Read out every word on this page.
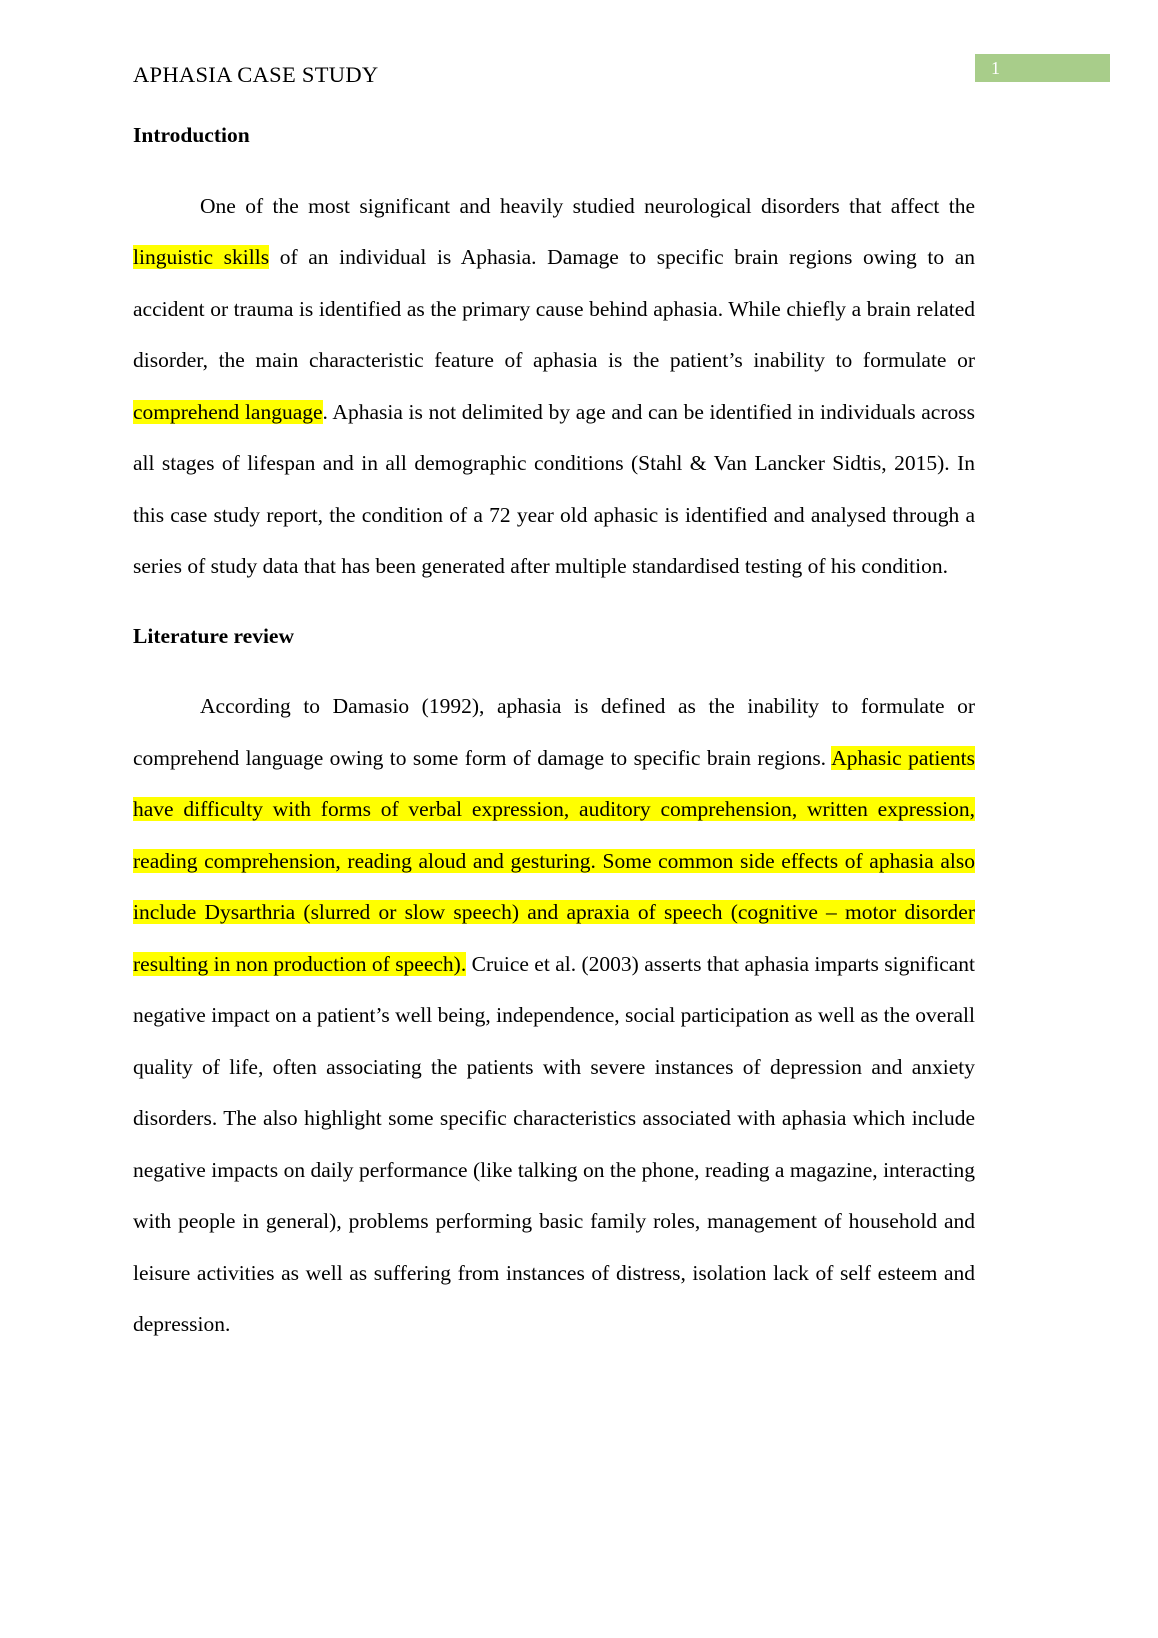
1
APHASIA CASE STUDY
Introduction

One of the most significant and heavily studied neurological disorders that affect the linguistic skills of an individual is Aphasia. Damage to specific brain regions owing to an accident or trauma is identified as the primary cause behind aphasia. While chiefly a brain related disorder, the main characteristic feature of aphasia is the patient’s inability to formulate or comprehend language. Aphasia is not delimited by age and can be identified in individuals across all stages of lifespan and in all demographic conditions (Stahl & Van Lancker Sidtis, 2015). In this case study report, the condition of a 72 year old aphasic is identified and analysed through a series of study data that has been generated after multiple standardised testing of his condition.

Literature review

According to Damasio (1992), aphasia is defined as the inability to formulate or comprehend language owing to some form of damage to specific brain regions. Aphasic patients have difficulty with forms of verbal expression, auditory comprehension, written expression, reading comprehension, reading aloud and gesturing. Some common side effects of aphasia also include Dysarthria (slurred or slow speech) and apraxia of speech (cognitive – motor disorder resulting in non production of speech). Cruice et al. (2003) asserts that aphasia imparts significant negative impact on a patient’s well being, independence, social participation as well as the overall quality of life, often associating the patients with severe instances of depression and anxiety disorders. The also highlight some specific characteristics associated with aphasia which include negative impacts on daily performance (like talking on the phone, reading a magazine, interacting with people in general), problems performing basic family roles, management of household and leisure activities as well as suffering from instances of distress, isolation lack of self esteem and depression.
